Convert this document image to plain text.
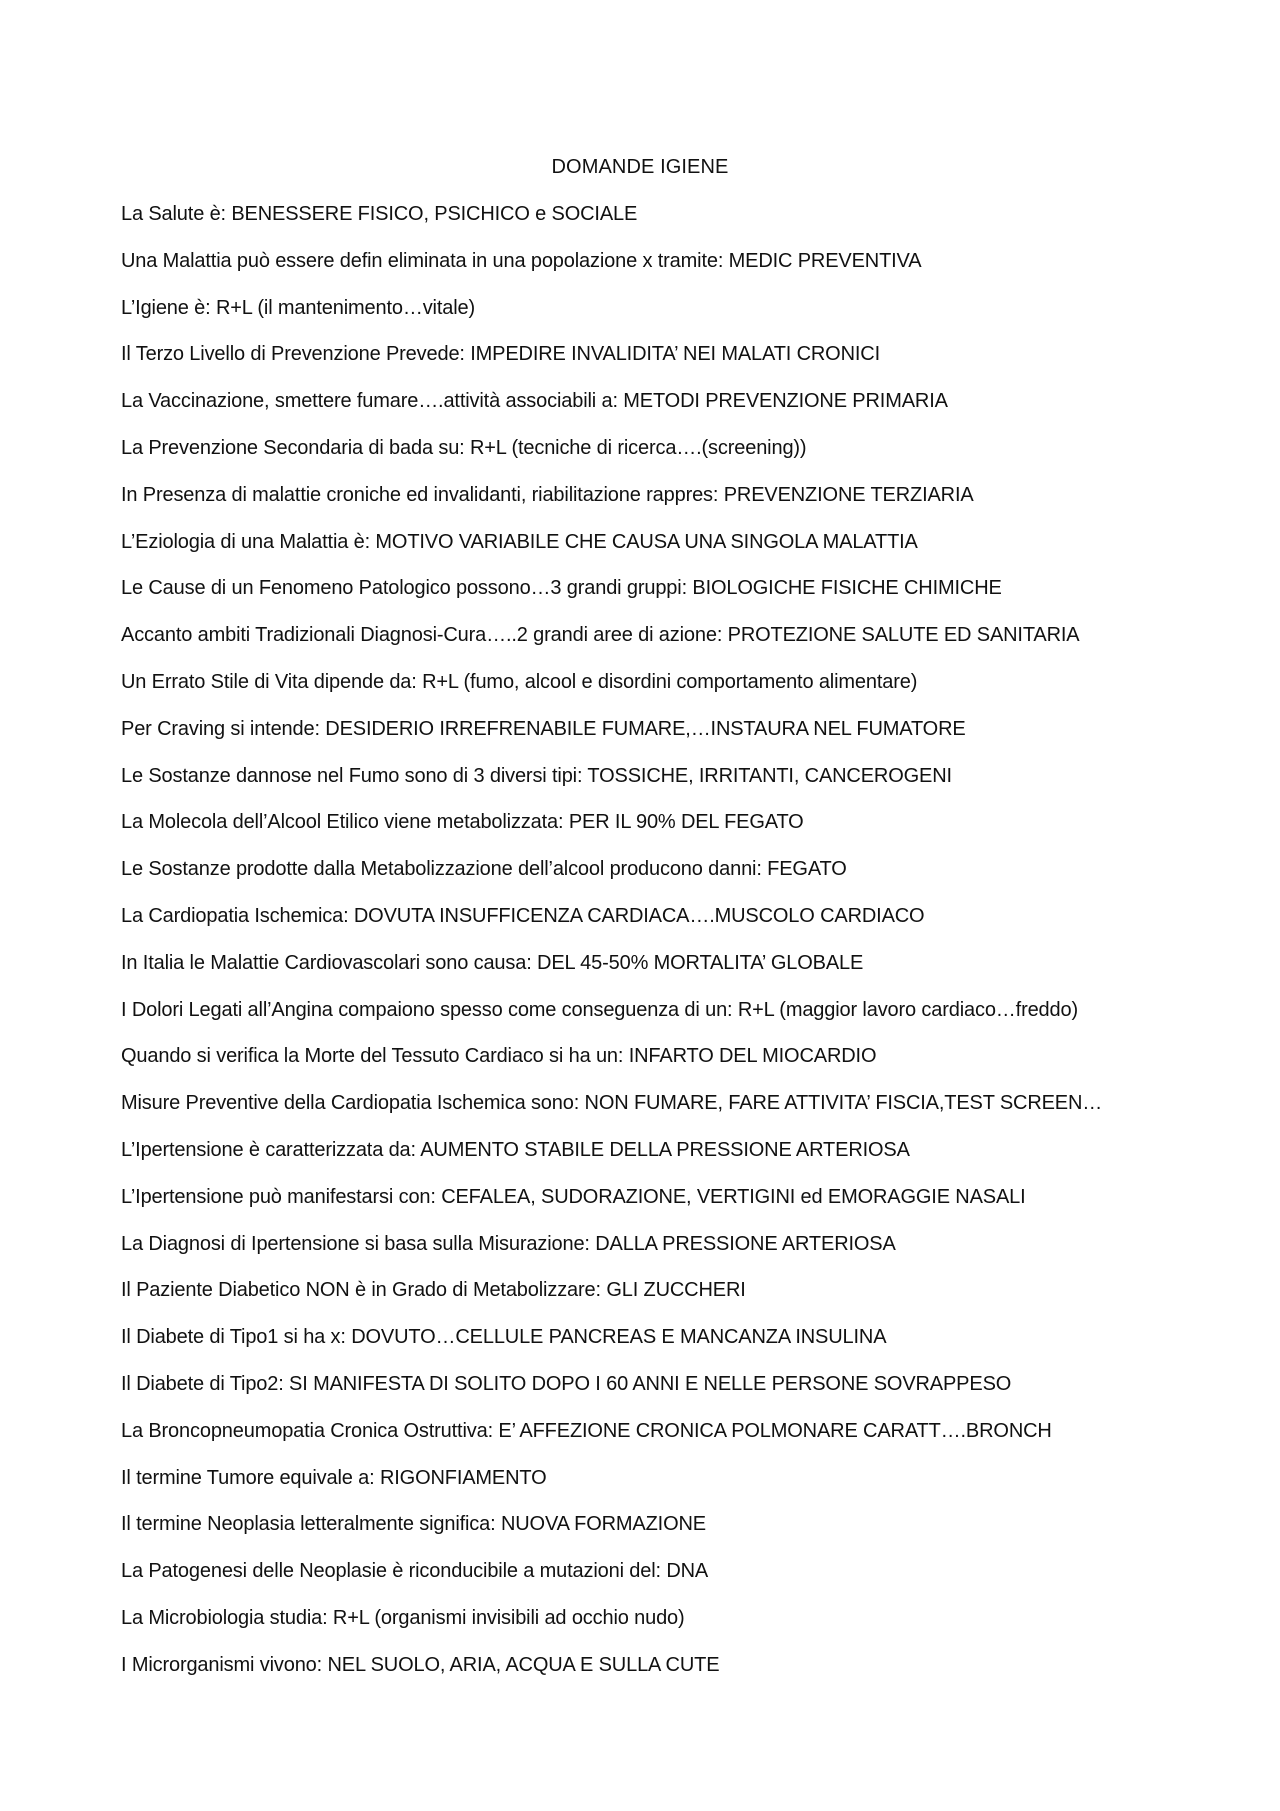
DOMANDE IGIENE
La Salute è: BENESSERE FISICO, PSICHICO e SOCIALE
Una Malattia può essere defin eliminata in una popolazione x tramite: MEDIC PREVENTIVA
L’Igiene è: R+L (il mantenimento…vitale)
Il Terzo Livello di Prevenzione Prevede: IMPEDIRE INVALIDITA’ NEI MALATI CRONICI
La Vaccinazione, smettere fumare….attività associabili a: METODI PREVENZIONE PRIMARIA
La Prevenzione Secondaria di bada su: R+L (tecniche di ricerca….(screening))
In Presenza di malattie croniche ed invalidanti, riabilitazione rappres: PREVENZIONE TERZIARIA
L’Eziologia di una Malattia è: MOTIVO VARIABILE CHE CAUSA UNA SINGOLA MALATTIA
Le Cause di un Fenomeno Patologico possono…3 grandi gruppi: BIOLOGICHE FISICHE CHIMICHE
Accanto ambiti Tradizionali Diagnosi-Cura…..2 grandi aree di azione: PROTEZIONE SALUTE ED SANITARIA
Un Errato Stile di Vita dipende da: R+L (fumo, alcool e disordini comportamento alimentare)
Per Craving si intende: DESIDERIO IRREFRENABILE FUMARE,…INSTAURA NEL FUMATORE
Le Sostanze dannose nel Fumo sono di 3 diversi tipi: TOSSICHE, IRRITANTI, CANCEROGENI
La Molecola dell’Alcool Etilico viene metabolizzata: PER IL 90% DEL FEGATO
Le Sostanze prodotte dalla Metabolizzazione dell’alcool producono danni: FEGATO
La Cardiopatia Ischemica: DOVUTA INSUFFICENZA CARDIACA….MUSCOLO CARDIACO
In Italia le Malattie Cardiovascolari sono causa: DEL 45-50% MORTALITA’ GLOBALE
I Dolori Legati all’Angina compaiono spesso come conseguenza di un: R+L (maggior lavoro cardiaco…freddo)
Quando si verifica la Morte del Tessuto Cardiaco si ha un: INFARTO DEL MIOCARDIO
Misure Preventive della Cardiopatia Ischemica sono: NON FUMARE, FARE ATTIVITA’ FISCIA,TEST SCREEN…
L’Ipertensione è caratterizzata da: AUMENTO STABILE DELLA PRESSIONE ARTERIOSA
L’Ipertensione può manifestarsi con: CEFALEA, SUDORAZIONE, VERTIGINI ed EMORAGGIE NASALI
La Diagnosi di Ipertensione si basa sulla Misurazione: DALLA PRESSIONE ARTERIOSA
Il Paziente Diabetico NON è in Grado di Metabolizzare: GLI ZUCCHERI
Il Diabete di Tipo1 si ha x: DOVUTO…CELLULE PANCREAS E MANCANZA INSULINA
Il Diabete di Tipo2: SI MANIFESTA DI SOLITO DOPO I 60 ANNI E NELLE PERSONE SOVRAPPESO
La Broncopneumopatia Cronica Ostruttiva: E’ AFFEZIONE CRONICA POLMONARE CARATT….BRONCH
Il termine Tumore equivale a: RIGONFIAMENTO
Il termine Neoplasia letteralmente significa: NUOVA FORMAZIONE
La Patogenesi delle Neoplasie è riconducibile a mutazioni del: DNA
La Microbiologia studia: R+L (organismi invisibili ad occhio nudo)
I Microrganismi vivono: NEL SUOLO, ARIA, ACQUA E SULLA CUTE
